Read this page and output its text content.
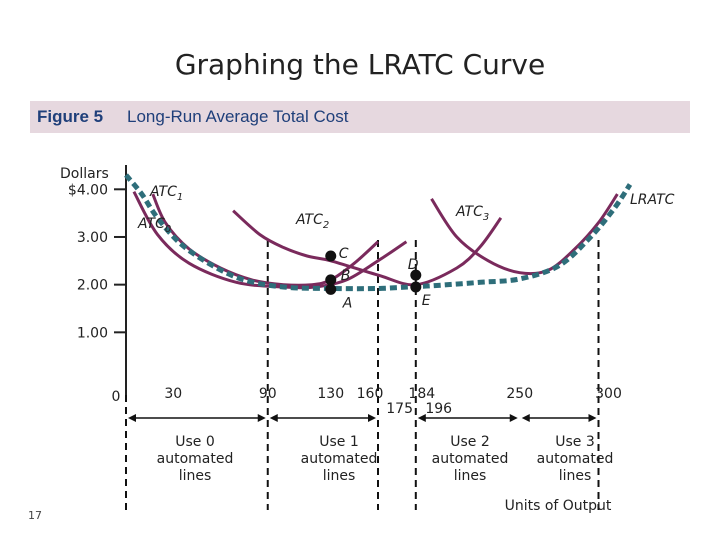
Graphing the LRATC Curve
Figure 5 Long-Run Average Total Cost
Dollars
1.00
2.00
3.00
$4.00
0	30	90	130 160 184
175 196
250	300
$ATC_0$
$ATC_1$
$ATC_2$
$ATC_3$
LRATC
A
B
C
D
E
Units of Output
17
Use 0
automated
lines
Use 1
automated
lines
Use 2
automated
lines
Use 3
automated
lines
